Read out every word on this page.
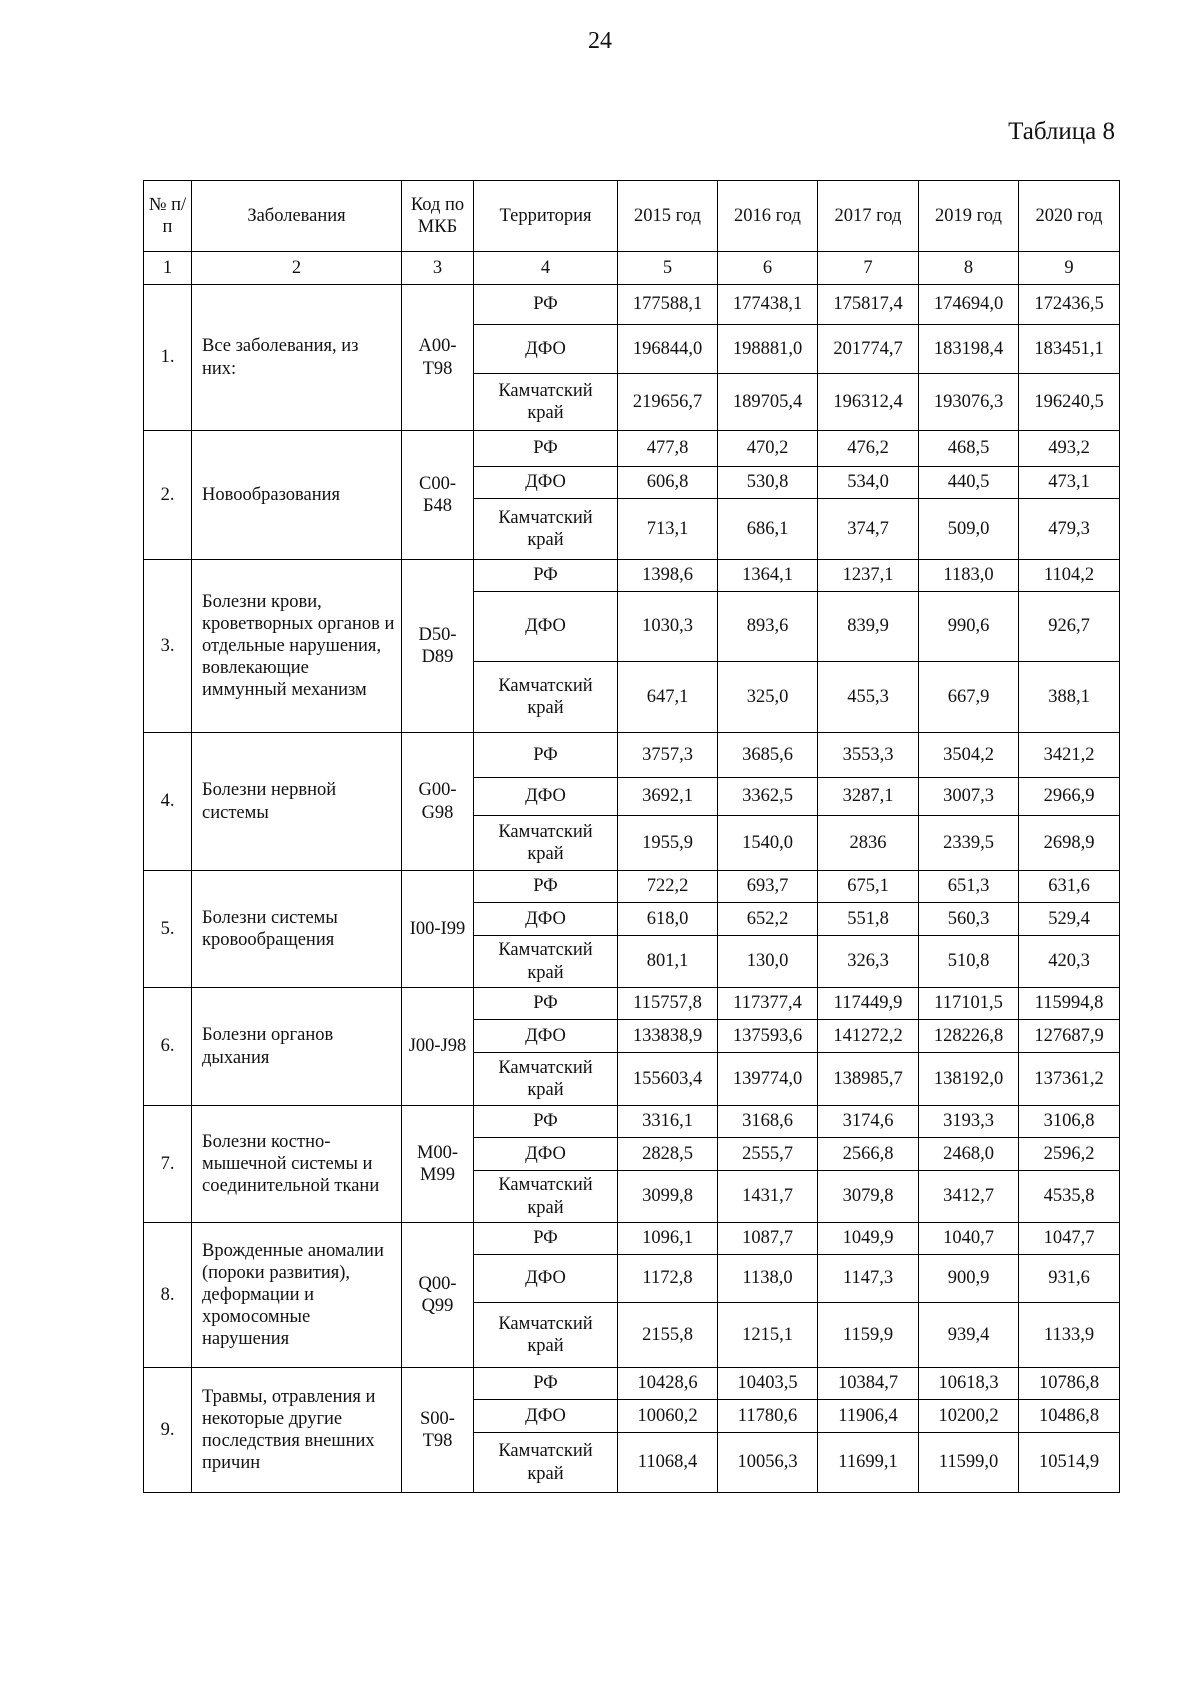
24
Таблица 8
№ п/ п	Заболевания	Код по МКБ	Территория	2015 год	2016 год	2017 год	2019 год	2020 год
1	2	3	4	5	6	7	8	9
1.	Все заболевания, из них:	A00-T98	РФ	177588,1	177438,1	175817,4	174694,0	172436,5
			ДФО	196844,0	198881,0	201774,7	183198,4	183451,1
			Камчатский край	219656,7	189705,4	196312,4	193076,3	196240,5
2.	Новообразования	C00-Б48	РФ	477,8	470,2	476,2	468,5	493,2
			ДФО	606,8	530,8	534,0	440,5	473,1
			Камчатский край	713,1	686,1	374,7	509,0	479,3
3.	Болезни крови, кроветворных органов и отдельные нарушения, вовлекающие иммунный механизм	D50-D89	РФ	1398,6	1364,1	1237,1	1183,0	1104,2
			ДФО	1030,3	893,6	839,9	990,6	926,7
			Камчатский край	647,1	325,0	455,3	667,9	388,1
4.	Болезни нервной системы	G00-G98	РФ	3757,3	3685,6	3553,3	3504,2	3421,2
			ДФО	3692,1	3362,5	3287,1	3007,3	2966,9
			Камчатский край	1955,9	1540,0	2836	2339,5	2698,9
5.	Болезни системы кровообращения	I00-I99	РФ	722,2	693,7	675,1	651,3	631,6
			ДФО	618,0	652,2	551,8	560,3	529,4
			Камчатский край	801,1	130,0	326,3	510,8	420,3
6.	Болезни органов дыхания	J00-J98	РФ	115757,8	117377,4	117449,9	117101,5	115994,8
			ДФО	133838,9	137593,6	141272,2	128226,8	127687,9
			Камчатский край	155603,4	139774,0	138985,7	138192,0	137361,2
7.	Болезни костно-мышечной системы и соединительной ткани	M00-M99	РФ	3316,1	3168,6	3174,6	3193,3	3106,8
			ДФО	2828,5	2555,7	2566,8	2468,0	2596,2
			Камчатский край	3099,8	1431,7	3079,8	3412,7	4535,8
8.	Врожденные аномалии (пороки развития), деформации и хромосомные нарушения	Q00-Q99	РФ	1096,1	1087,7	1049,9	1040,7	1047,7
			ДФО	1172,8	1138,0	1147,3	900,9	931,6
			Камчатский край	2155,8	1215,1	1159,9	939,4	1133,9
9.	Травмы, отравления и некоторые другие последствия внешних причин	S00-T98	РФ	10428,6	10403,5	10384,7	10618,3	10786,8
			ДФО	10060,2	11780,6	11906,4	10200,2	10486,8
			Камчатский край	11068,4	10056,3	11699,1	11599,0	10514,9
